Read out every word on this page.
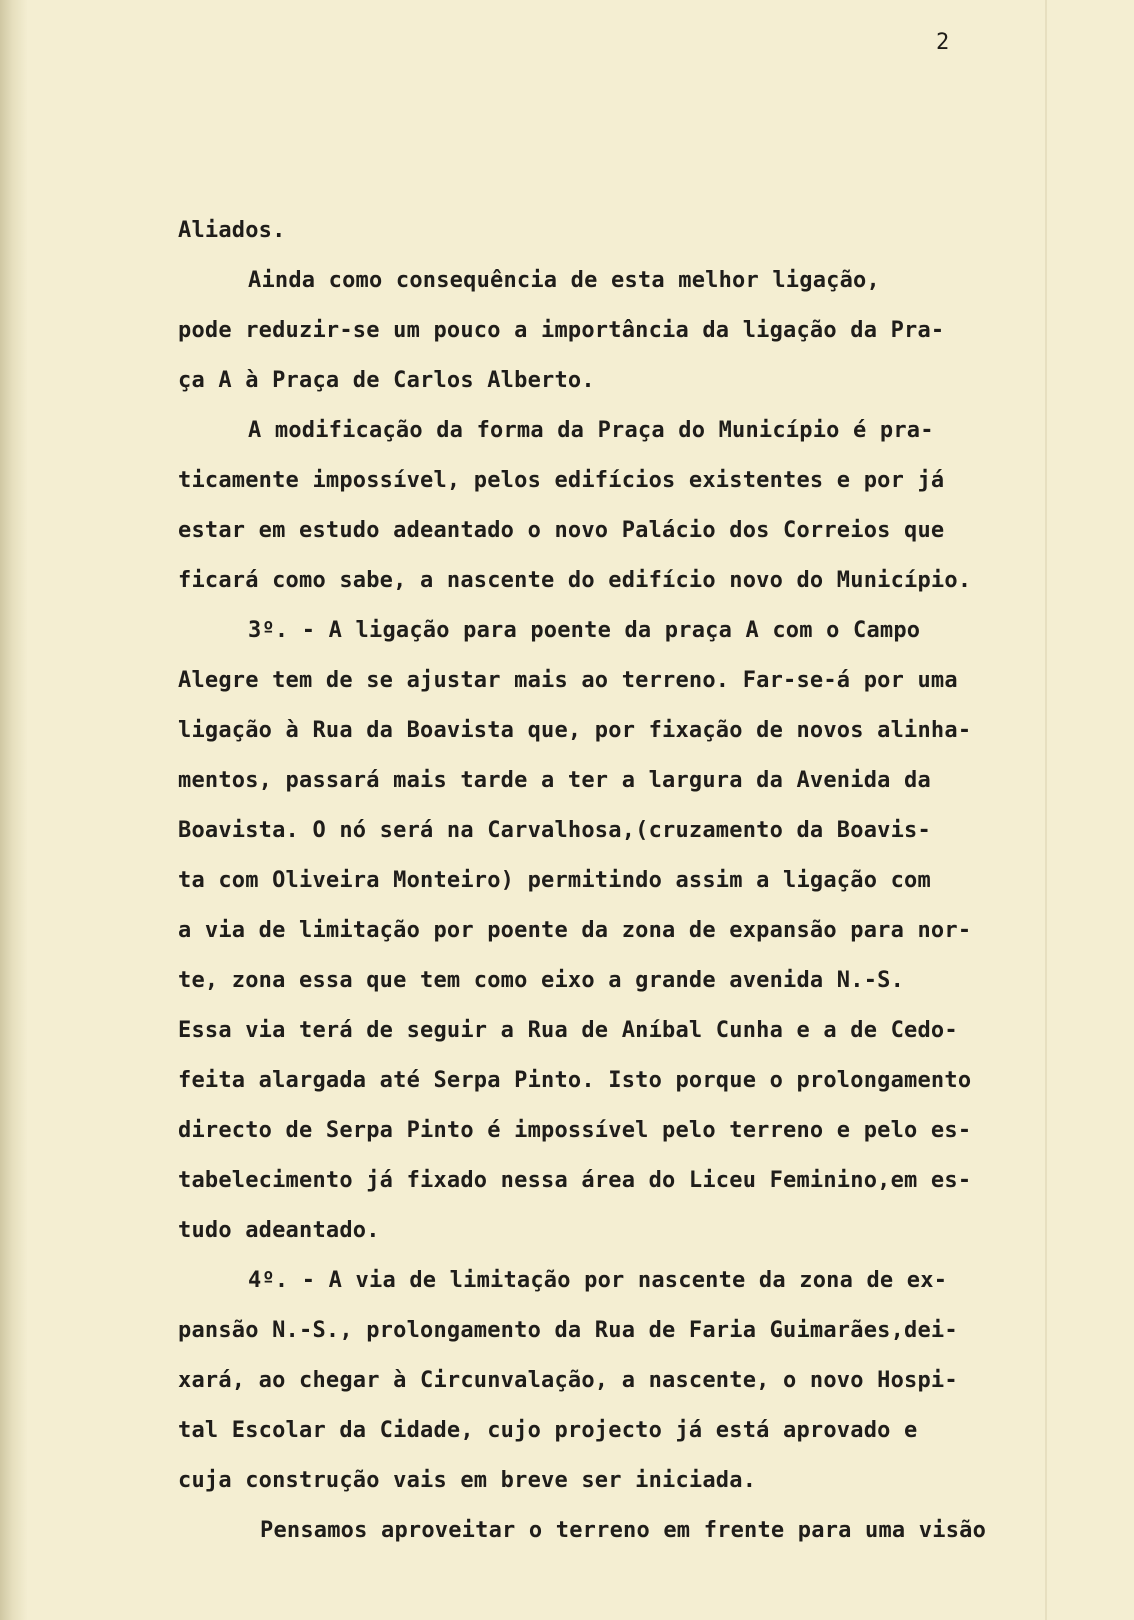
2
Aliados.
Ainda como consequência de esta melhor ligação,
pode reduzir-se um pouco a importância da ligação da Pra-
ça A à Praça de Carlos Alberto.
A modificação da forma da Praça do Município é pra-
ticamente impossível, pelos edifícios existentes e por já
estar em estudo adeantado o novo Palácio dos Correios que
ficará como sabe, a nascente do edifício novo do Município.
3º. - A ligação para poente da praça A com o Campo
Alegre tem de se ajustar mais ao terreno. Far-se-á por uma
ligação à Rua da Boavista que, por fixação de novos alinha-
mentos, passará mais tarde a ter a largura da Avenida da
Boavista. O nó será na Carvalhosa,(cruzamento da Boavis-
ta com Oliveira Monteiro) permitindo assim a ligação com
a via de limitação por poente da zona de expansão para nor-
te, zona essa que tem como eixo a grande avenida N.-S.
Essa via terá de seguir a Rua de Aníbal Cunha e a de Cedo-
feita alargada até Serpa Pinto. Isto porque o prolongamento
directo de Serpa Pinto é impossível pelo terreno e pelo es-
tabelecimento já fixado nessa área do Liceu Feminino,em es-
tudo adeantado.
4º. - A via de limitação por nascente da zona de ex-
pansão N.-S., prolongamento da Rua de Faria Guimarães,dei-
xará, ao chegar à Circunvalação, a nascente, o novo Hospi-
tal Escolar da Cidade, cujo projecto já está aprovado e
cuja construção vais em breve ser iniciada.
Pensamos aproveitar o terreno em frente para uma visão
